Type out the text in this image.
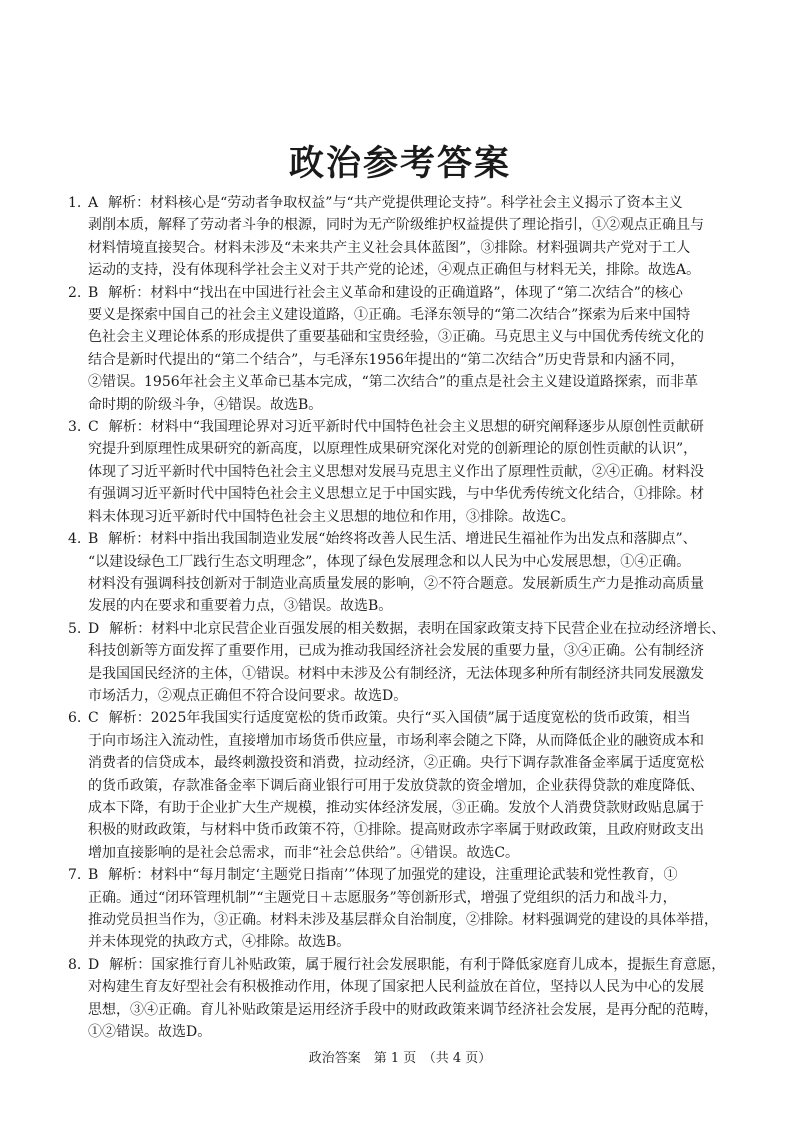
政治参考答案
1. A 解析：材料核心是“劳动者争取权益”与“共产党提供理论支持”。科学社会主义揭示了资本主义
剥削本质，解释了劳动者斗争的根源，同时为无产阶级维护权益提供了理论指引，①②观点正确且与
材料情境直接契合。材料未涉及“未来共产主义社会具体蓝图”，③排除。材料强调共产党对于工人
运动的支持，没有体现科学社会主义对于共产党的论述，④观点正确但与材料无关，排除。故选A。
2. B 解析：材料中“找出在中国进行社会主义革命和建设的正确道路”，体现了“第二次结合”的核心
要义是探索中国自己的社会主义建设道路，①正确。毛泽东领导的“第二次结合”探索为后来中国特
色社会主义理论体系的形成提供了重要基础和宝贵经验，③正确。马克思主义与中国优秀传统文化的
结合是新时代提出的“第二个结合”，与毛泽东1956年提出的“第二次结合”历史背景和内涵不同，
②错误。1956年社会主义革命已基本完成，“第二次结合”的重点是社会主义建设道路探索，而非革
命时期的阶级斗争，④错误。故选B。
3. C 解析：材料中“我国理论界对习近平新时代中国特色社会主义思想的研究阐释逐步从原创性贡献研
究提升到原理性成果研究的新高度，以原理性成果研究深化对党的创新理论的原创性贡献的认识”，
体现了习近平新时代中国特色社会主义思想对发展马克思主义作出了原理性贡献，②④正确。材料没
有强调习近平新时代中国特色社会主义思想立足于中国实践，与中华优秀传统文化结合，①排除。材
料未体现习近平新时代中国特色社会主义思想的地位和作用，③排除。故选C。
4. B 解析：材料中指出我国制造业发展“始终将改善人民生活、增进民生福祉作为出发点和落脚点”、
“以建设绿色工厂践行生态文明理念”，体现了绿色发展理念和以人民为中心发展思想，①④正确。
材料没有强调科技创新对于制造业高质量发展的影响，②不符合题意。发展新质生产力是推动高质量
发展的内在要求和重要着力点，③错误。故选B。
5. D 解析：材料中北京民营企业百强发展的相关数据，表明在国家政策支持下民营企业在拉动经济增长、
科技创新等方面发挥了重要作用，已成为推动我国经济社会发展的重要力量，③④正确。公有制经济
是我国国民经济的主体，①错误。材料中未涉及公有制经济，无法体现多种所有制经济共同发展激发
市场活力，②观点正确但不符合设问要求。故选D。
6. C 解析：2025年我国实行适度宽松的货币政策。央行“买入国债”属于适度宽松的货币政策，相当
于向市场注入流动性，直接增加市场货币供应量，市场利率会随之下降，从而降低企业的融资成本和
消费者的信贷成本，最终刺激投资和消费，拉动经济，②正确。央行下调存款准备金率属于适度宽松
的货币政策，存款准备金率下调后商业银行可用于发放贷款的资金增加，企业获得贷款的难度降低、
成本下降，有助于企业扩大生产规模，推动实体经济发展，③正确。发放个人消费贷款财政贴息属于
积极的财政政策，与材料中货币政策不符，①排除。提高财政赤字率属于财政政策，且政府财政支出
增加直接影响的是社会总需求，而非“社会总供给”。④错误。故选C。
7. B 解析：材料中“每月制定‘主题党日指南’”体现了加强党的建设，注重理论武装和党性教育，①
正确。通过“闭环管理机制”“主题党日＋志愿服务”等创新形式，增强了党组织的活力和战斗力，
推动党员担当作为，③正确。材料未涉及基层群众自治制度，②排除。材料强调党的建设的具体举措，
并未体现党的执政方式，④排除。故选B。
8. D 解析：国家推行育儿补贴政策，属于履行社会发展职能，有利于降低家庭育儿成本，提振生育意愿，
对构建生育友好型社会有积极推动作用，体现了国家把人民利益放在首位，坚持以人民为中心的发展
思想，③④正确。育儿补贴政策是运用经济手段中的财政政策来调节经济社会发展，是再分配的范畴，
①②错误。故选D。

政治答案　第 1 页　（共 4 页）
